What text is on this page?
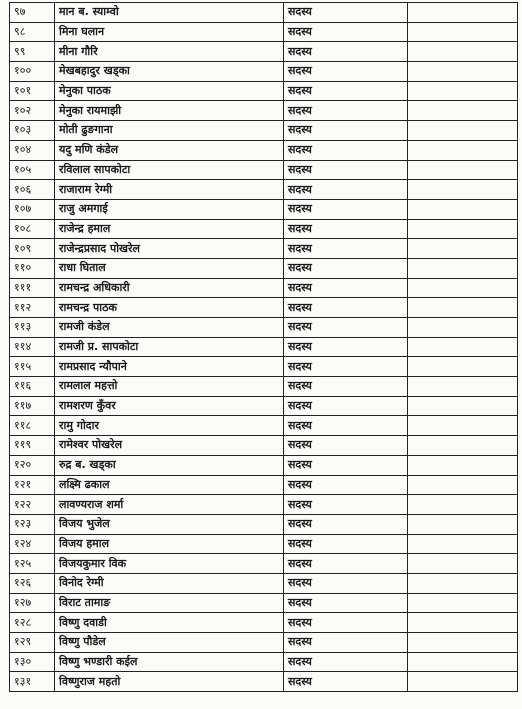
९७	मान ब. स्याम्वो	सदस्य	
९८	मिना घलान	सदस्य	
९९	मीना गौरि	सदस्य	
१००	मेखबहादुर खड्का	सदस्य	
१०१	मेनुका पाठक	सदस्य	
१०२	मेनुका रायमाझी	सदस्य	
१०३	मोती ढुङगाना	सदस्य	
१०४	यदु मणि कंडेल	सदस्य	
१०५	रविलाल सापकोटा	सदस्य	
१०६	राजाराम रेग्मी	सदस्य	
१०७	राजु अमगाई	सदस्य	
१०८	राजेन्द्र हमाल	सदस्य	
१०९	राजेन्द्रप्रसाद पोखरेल	सदस्य	
११०	राधा घिताल	सदस्य	
१११	रामचन्द्र अधिकारी	सदस्य	
११२	रामचन्द्र पाठक	सदस्य	
११३	रामजी कंडेल	सदस्य	
११४	रामजी प्र. सापकोटा	सदस्य	
११५	रामप्रसाद न्यौपाने	सदस्य	
११६	रामलाल महत्तो	सदस्य	
११७	रामशरण कुँवर	सदस्य	
११८	रामु गोदार	सदस्य	
११९	रामेश्वर पोखरेल	सदस्य	
१२०	रुद्र ब. खड्का	सदस्य	
१२१	लक्ष्मि ढकाल	सदस्य	
१२२	लावण्यराज शर्मा	सदस्य	
१२३	विजय भुजेल	सदस्य	
१२४	विजय हमाल	सदस्य	
१२५	विजयकुमार विक	सदस्य	
१२६	विनोद रेग्मी	सदस्य	
१२७	विराट तामाङ	सदस्य	
१२८	विष्णु दवाडी	सदस्य	
१२९	विष्णु पौडेल	सदस्य	
१३०	विष्णु भण्डारी कईल	सदस्य	
१३१	विष्णुराज महतो	सदस्य	
